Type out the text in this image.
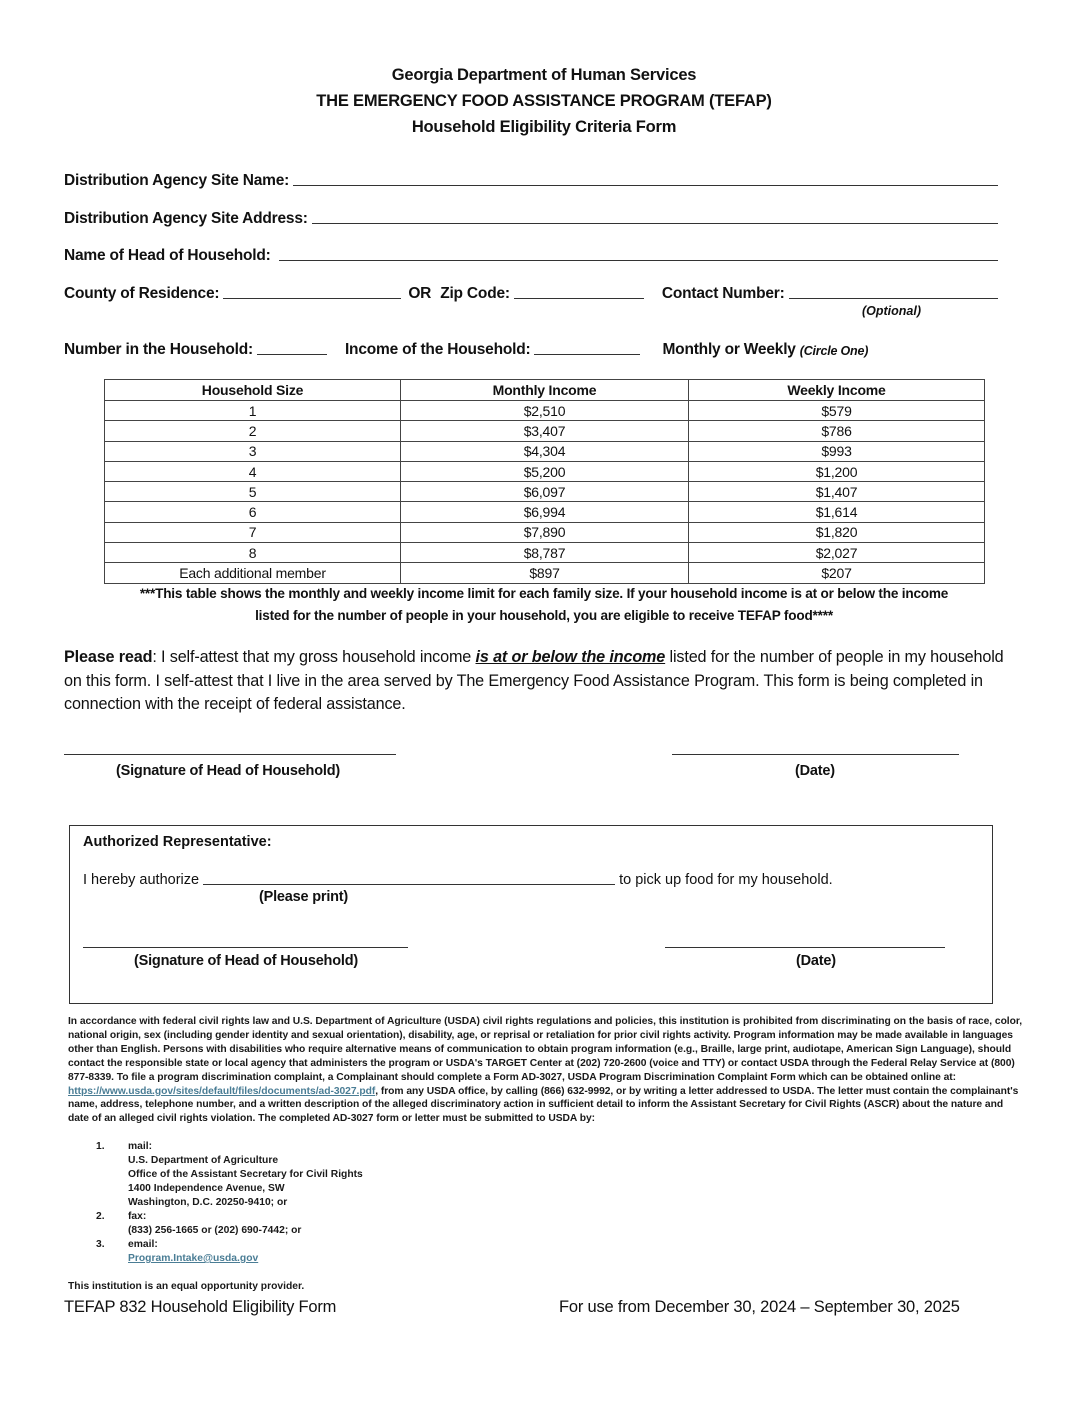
Georgia Department of Human Services
THE EMERGENCY FOOD ASSISTANCE PROGRAM (TEFAP)
Household Eligibility Criteria Form
Distribution Agency Site Name:
Distribution Agency Site Address:
Name of Head of Household:
County of Residence:	OR Zip Code:	Contact Number:
(Optional)
Number in the Household:	Income of the Household:	Monthly or Weekly (Circle One)
Household Size	Monthly Income	Weekly Income
1	$2,510	$579
2	$3,407	$786
3	$4,304	$993
4	$5,200	$1,200
5	$6,097	$1,407
6	$6,994	$1,614
7	$7,890	$1,820
8	$8,787	$2,027
Each additional member	$897	$207
***This table shows the monthly and weekly income limit for each family size. If your household income is at or below the income
listed for the number of people in your household, you are eligible to receive TEFAP food****
Please read: I self-attest that my gross household income is at or below the income listed for the number of people in my household on this form. I self-attest that I live in the area served by The Emergency Food Assistance Program. This form is being completed in connection with the receipt of federal assistance.
(Signature of Head of Household)	(Date)
Authorized Representative:
I hereby authorize	to pick up food for my household.
(Please print)
(Signature of Head of Household)	(Date)
In accordance with federal civil rights law and U.S. Department of Agriculture (USDA) civil rights regulations and policies, this institution is prohibited from discriminating on the basis of race, color, national origin, sex (including gender identity and sexual orientation), disability, age, or reprisal or retaliation for prior civil rights activity. Program information may be made available in languages other than English. Persons with disabilities who require alternative means of communication to obtain program information (e.g., Braille, large print, audiotape, American Sign Language), should contact the responsible state or local agency that administers the program or USDA's TARGET Center at (202) 720-2600 (voice and TTY) or contact USDA through the Federal Relay Service at (800) 877-8339. To file a program discrimination complaint, a Complainant should complete a Form AD-3027, USDA Program Discrimination Complaint Form which can be obtained online at: https://www.usda.gov/sites/default/files/documents/ad-3027.pdf, from any USDA office, by calling (866) 632-9992, or by writing a letter addressed to USDA. The letter must contain the complainant's name, address, telephone number, and a written description of the alleged discriminatory action in sufficient detail to inform the Assistant Secretary for Civil Rights (ASCR) about the nature and date of an alleged civil rights violation. The completed AD-3027 form or letter must be submitted to USDA by:
1. mail:
U.S. Department of Agriculture
Office of the Assistant Secretary for Civil Rights
1400 Independence Avenue, SW
Washington, D.C. 20250-9410; or
2. fax:
(833) 256-1665 or (202) 690-7442; or
3. email:
Program.Intake@usda.gov
This institution is an equal opportunity provider.
TEFAP 832 Household Eligibility Form	For use from December 30, 2024 – September 30, 2025
